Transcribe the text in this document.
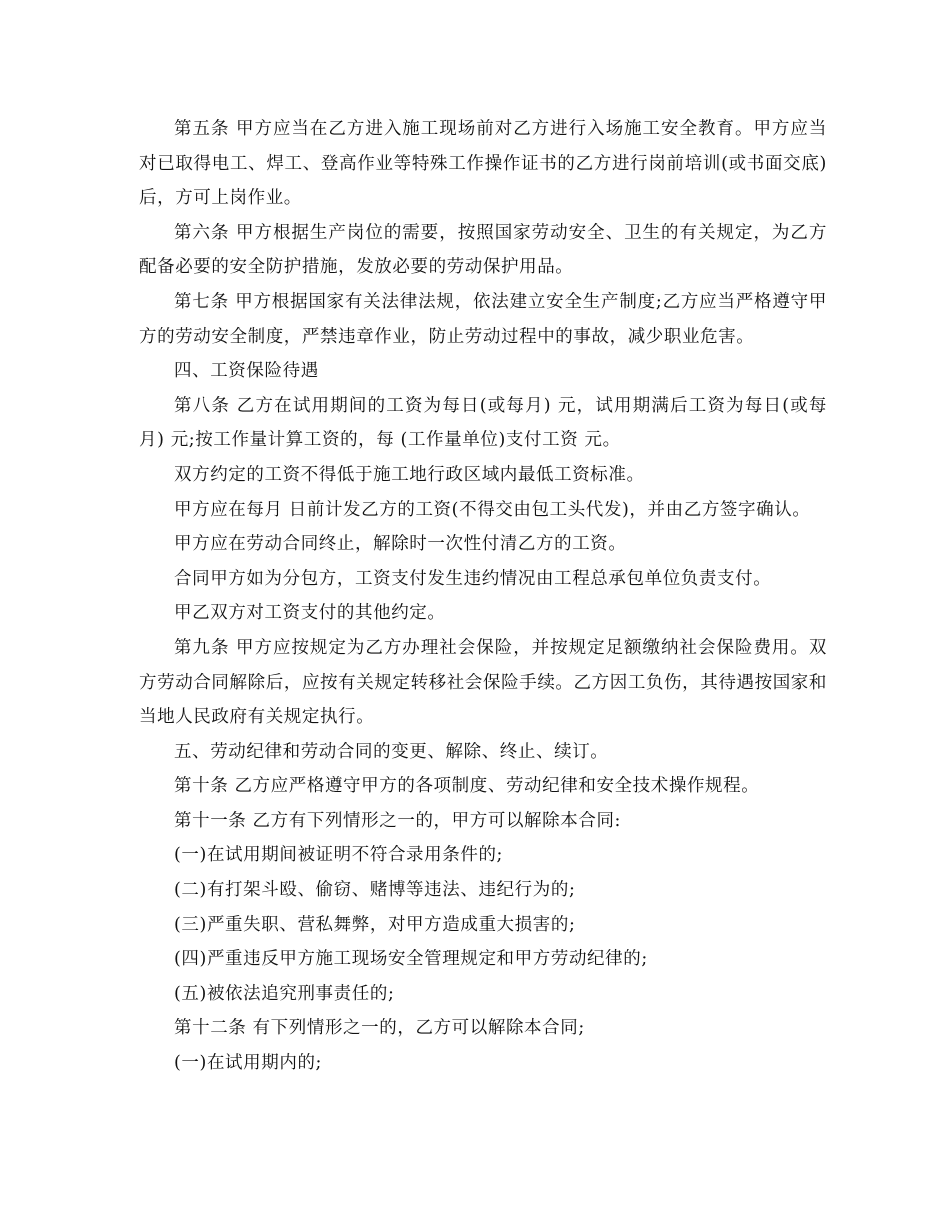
第五条 甲方应当在乙方进入施工现场前对乙方进行入场施工安全教育。甲方应当对已取得电工、焊工、登高作业等特殊工作操作证书的乙方进行岗前培训(或书面交底)后，方可上岗作业。

第六条 甲方根据生产岗位的需要，按照国家劳动安全、卫生的有关规定，为乙方配备必要的安全防护措施，发放必要的劳动保护用品。

第七条 甲方根据国家有关法律法规，依法建立安全生产制度;乙方应当严格遵守甲方的劳动安全制度，严禁违章作业，防止劳动过程中的事故，减少职业危害。

四、工资保险待遇

第八条 乙方在试用期间的工资为每日(或每月) 元，试用期满后工资为每日(或每月) 元;按工作量计算工资的，每 (工作量单位)支付工资 元。

双方约定的工资不得低于施工地行政区域内最低工资标准。

甲方应在每月 日前计发乙方的工资(不得交由包工头代发)，并由乙方签字确认。

甲方应在劳动合同终止，解除时一次性付清乙方的工资。

合同甲方如为分包方，工资支付发生违约情况由工程总承包单位负责支付。

甲乙双方对工资支付的其他约定。

第九条 甲方应按规定为乙方办理社会保险，并按规定足额缴纳社会保险费用。双方劳动合同解除后，应按有关规定转移社会保险手续。乙方因工负伤，其待遇按国家和当地人民政府有关规定执行。

五、劳动纪律和劳动合同的变更、解除、终止、续订。

第十条 乙方应严格遵守甲方的各项制度、劳动纪律和安全技术操作规程。

第十一条 乙方有下列情形之一的，甲方可以解除本合同:

(一)在试用期间被证明不符合录用条件的;

(二)有打架斗殴、偷窃、赌博等违法、违纪行为的;

(三)严重失职、营私舞弊，对甲方造成重大损害的;

(四)严重违反甲方施工现场安全管理规定和甲方劳动纪律的;

(五)被依法追究刑事责任的;

第十二条 有下列情形之一的，乙方可以解除本合同;

(一)在试用期内的;
